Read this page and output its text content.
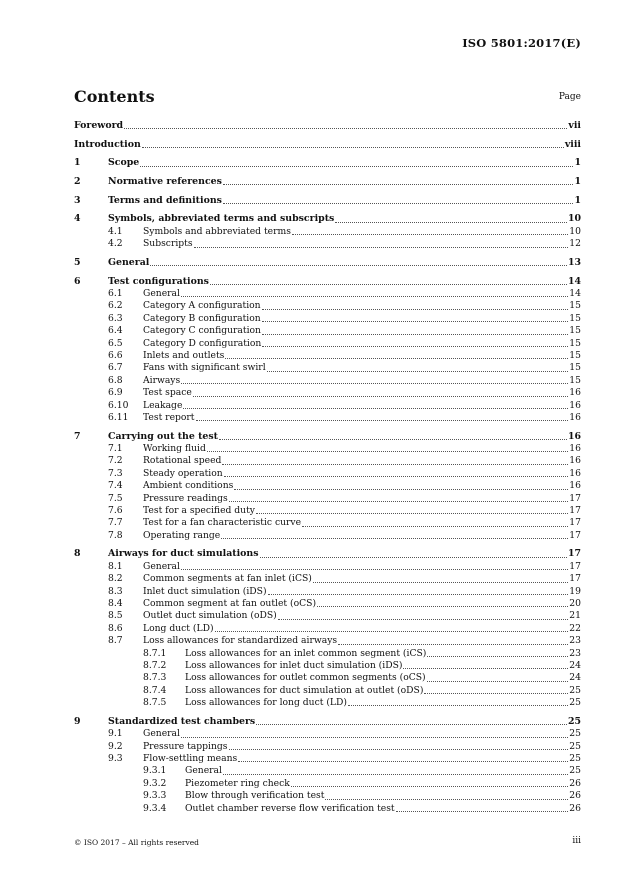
ISO 5801:2017(E)
Contents	Page
Foreword	vii
Introduction	viii
1	Scope	1
2	Normative references	1
3	Terms and definitions	1
4	Symbols, abbreviated terms and subscripts	10
4.1 Symbols and abbreviated terms	10
4.2 Subscripts	12
5	General	13
6	Test configurations	14
6.1 General	14
6.2 Category A configuration	15
6.3 Category B configuration	15
6.4 Category C configuration	15
6.5 Category D configuration	15
6.6 Inlets and outlets	15
6.7 Fans with significant swirl	15
6.8 Airways	15
6.9 Test space	16
6.10 Leakage	16
6.11 Test report	16
7	Carrying out the test	16
7.1 Working fluid	16
7.2 Rotational speed	16
7.3 Steady operation	16
7.4 Ambient conditions	16
7.5 Pressure readings	17
7.6 Test for a specified duty	17
7.7 Test for a fan characteristic curve	17
7.8 Operating range	17
8	Airways for duct simulations	17
8.1 General	17
8.2 Common segments at fan inlet (iCS)	17
8.3 Inlet duct simulation (iDS)	19
8.4 Common segment at fan outlet (oCS)	20
8.5 Outlet duct simulation (oDS)	21
8.6 Long duct (LD)	22
8.7 Loss allowances for standardized airways	23
8.7.1 Loss allowances for an inlet common segment (iCS)	23
8.7.2 Loss allowances for inlet duct simulation (iDS)	24
8.7.3 Loss allowances for outlet common segments (oCS)	24
8.7.4 Loss allowances for duct simulation at outlet (oDS)	25
8.7.5 Loss allowances for long duct (LD)	25
9	Standardized test chambers	25
9.1 General	25
9.2 Pressure tappings	25
9.3 Flow-settling means	25
9.3.1 General	25
9.3.2 Piezometer ring check	26
9.3.3 Blow through verification test	26
9.3.4 Outlet chamber reverse flow verification test	26
© ISO 2017 – All rights reserved	iii
